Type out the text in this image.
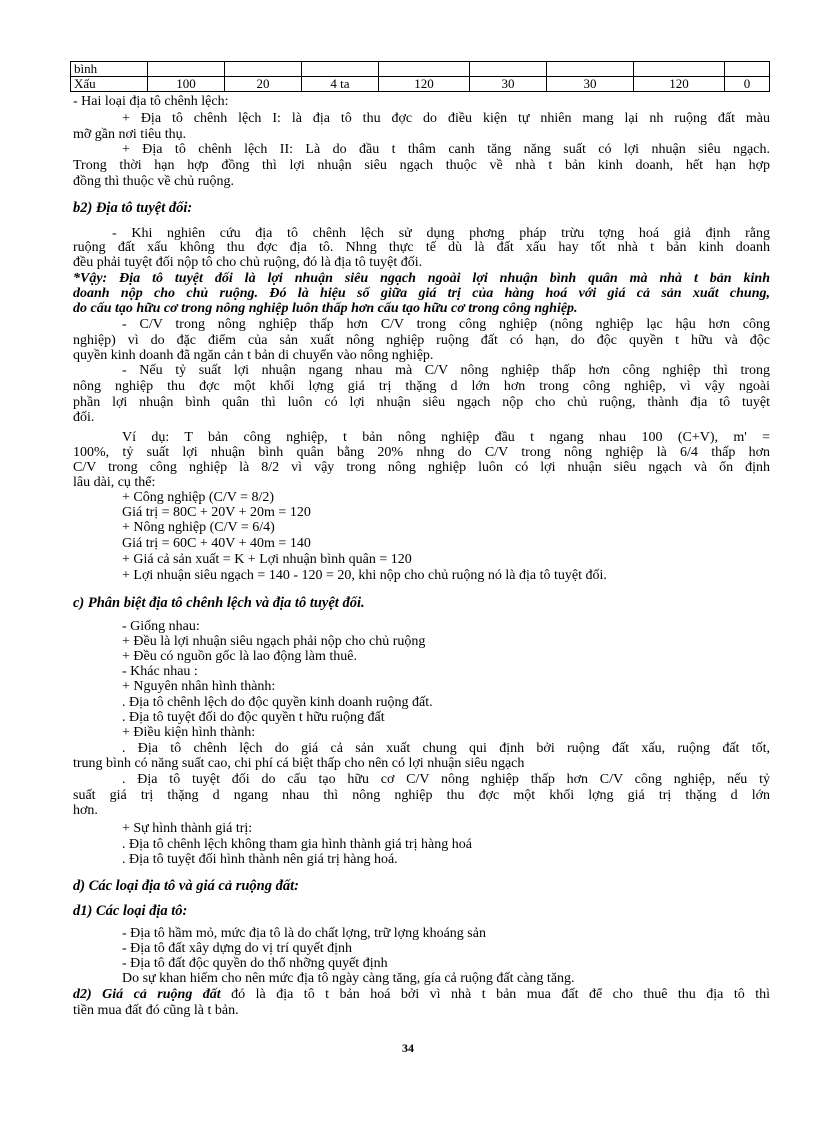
bình								
Xấu	100	20	4 ta	120	30	30	120	0
- Hai loại địa tô chênh lệch:
+ Địa tô chênh lệch I: là địa tô thu đợc do điều kiện tự nhiên mang lại nh ruộng đất màu
mỡ gần nơi tiêu thụ.
+ Địa tô chênh lệch II: Là do đầu t thâm canh tăng năng suất có lợi nhuận siêu ngạch.
Trong thời hạn hợp đồng thì lợi nhuận siêu ngạch thuộc về nhà t bản kinh doanh, hết hạn hợp
đồng thì thuộc về chủ ruộng.
b2) Địa tô tuyệt đối:
- Khi nghiên cứu địa tô chênh lệch sử dụng phơng pháp trừu tợng hoá giả định rằng
ruộng đất xấu không thu đợc địa tô. Nhng thực tế dù là đất xấu hay tốt nhà t bản kinh doanh
đều phải tuyệt đối nộp tô cho chủ ruộng, đó là địa tô tuyệt đối.
*Vậy: Địa tô tuyệt đối là lợi nhuận siêu ngạch ngoài lợi nhuận bình quân mà nhà t bản kinh
doanh nộp cho chủ ruộng. Đó là hiệu số giữa giá trị của hàng hoá với giá cả sản xuất chung,
do cấu tạo hữu cơ trong nông nghiệp luôn thấp hơn cấu tạo hữu cơ trong công nghiệp.
- C/V trong nông nghiệp thấp hơn C/V trong công nghiệp (nông nghiệp lạc hậu hơn công
nghiệp) vì do đặc điểm của sản xuất nông nghiệp ruộng đất có hạn, do độc quyền t hữu và độc
quyền kinh doanh đã ngăn cản t bản di chuyển vào nông nghiệp.
- Nếu tỷ suất lợi nhuận ngang nhau mà C/V nông nghiệp thấp hơn công nghiệp thì trong
nông nghiệp thu đợc một khối lợng giá trị thặng d lớn hơn trong công nghiệp, vì vậy ngoài
phần lợi nhuận bình quân thì luôn có lợi nhuận siêu ngạch nộp cho chủ ruộng, thành địa tô tuyệt
đối.
Ví dụ: T bản công nghiệp, t bản nông nghiệp đầu t ngang nhau 100 (C+V), m' =
100%, tỷ suất lợi nhuận bình quân bằng 20% nhng do C/V trong nông nghiệp là 6/4 thấp hơn
C/V trong công nghiệp là 8/2 vì vậy trong nông nghiệp luôn có lợi nhuận siêu ngạch và ổn định
lâu dài, cụ thể:
+ Công nghiệp (C/V = 8/2)
Giá trị = 80C + 20V + 20m = 120
+ Nông nghiệp (C/V = 6/4)
Giá trị = 60C + 40V + 40m = 140
+ Giá cả sản xuất = K + Lợi nhuận bình quân = 120
+ Lợi nhuận siêu ngạch = 140 - 120 = 20, khi nộp cho chủ ruộng nó là địa tô tuyệt đối.
c) Phân biệt địa tô chênh lệch và địa tô tuyệt đối.
- Giống nhau:
+ Đều là lợi nhuận siêu ngạch phải nộp cho chủ ruộng
+ Đều có nguồn gốc là lao động làm thuê.
- Khác nhau :
+ Nguyên nhân hình thành:
. Địa tô chênh lệch do độc quyền kinh doanh ruộng đất.
. Địa tô tuyệt đối do độc quyền t hữu ruộng đất
+ Điều kiện hình thành:
. Địa tô chênh lệch do giá cả sản xuất chung qui định bởi ruộng đất xấu, ruộng đất tốt,
trung bình có năng suất cao, chi phí cá biệt thấp cho nên có lợi nhuận siêu ngạch
. Địa tô tuyệt đối do cấu tạo hữu cơ C/V nông nghiệp thấp hơn C/V công nghiệp, nếu tỷ
suất giá trị thặng d ngang nhau thì nông nghiệp thu đợc một khối lợng giá trị thặng d lớn
hơn.
+ Sự hình thành giá trị:
. Địa tô chênh lệch không tham gia hình thành giá trị hàng hoá
. Địa tô tuyệt đối hình thành nên giá trị hàng hoá.
d) Các loại địa tô và giá cả ruộng đất:
d1) Các loại địa tô:
- Địa tô hầm mỏ, mức địa tô là do chất lợng, trữ lợng khoáng sản
- Địa tô đất xây dựng do vị trí quyết định
- Địa tô đất độc quyền do thổ nhỡng quyết định
Do sự khan hiếm cho nên mức địa tô ngày càng tăng, gía cả ruộng đất càng tăng.
d2) Giá cả ruộng đất đó là địa tô t bản hoá bởi vì nhà t bản mua đất để cho thuê thu địa tô thì
tiền mua đất đó cũng là t bản.
34
